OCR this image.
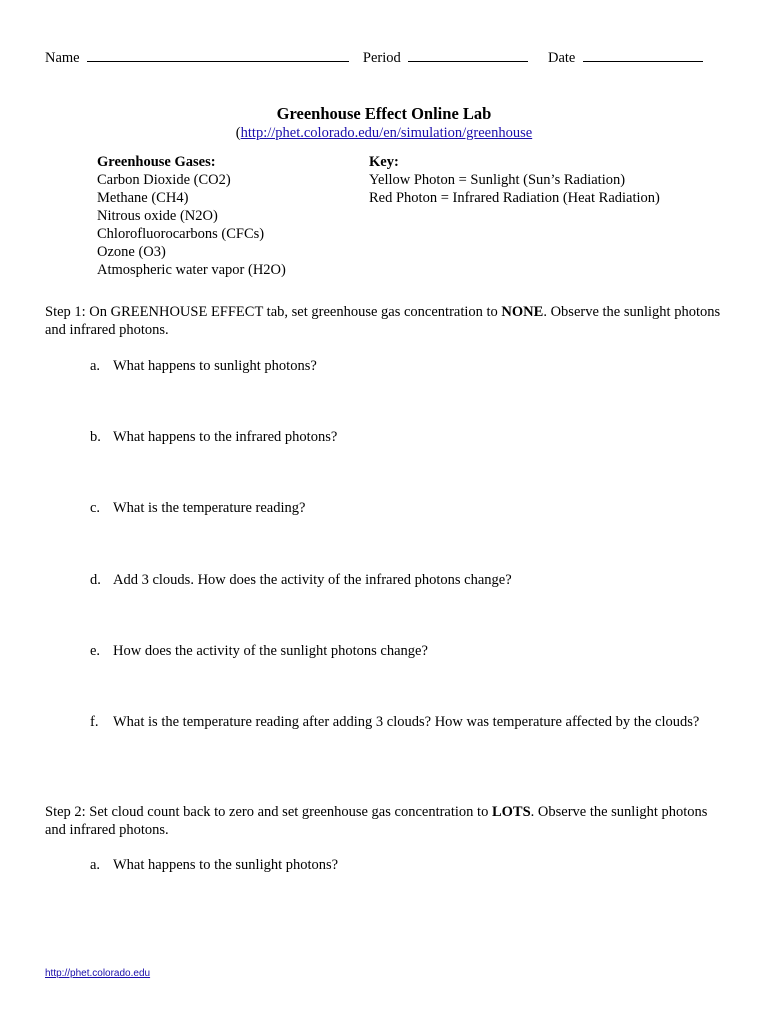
Name	Period	Date
Greenhouse Effect Online Lab
(http://phet.colorado.edu/en/simulation/greenhouse
Greenhouse Gases:
Carbon Dioxide (CO2)
Methane (CH4)
Nitrous oxide (N2O)
Chlorofluorocarbons (CFCs)
Ozone (O3)
Atmospheric water vapor (H2O)
Key:
Yellow Photon = Sunlight (Sun’s Radiation)
Red Photon = Infrared Radiation (Heat Radiation)
Step 1: On GREENHOUSE EFFECT tab, set greenhouse gas concentration to NONE. Observe the sunlight photons and infrared photons.
a. What happens to sunlight photons?
b. What happens to the infrared photons?
c. What is the temperature reading?
d. Add 3 clouds. How does the activity of the infrared photons change?
e. How does the activity of the sunlight photons change?
f. What is the temperature reading after adding 3 clouds? How was temperature affected by the clouds?
Step 2: Set cloud count back to zero and set greenhouse gas concentration to LOTS. Observe the sunlight photons and infrared photons.
a. What happens to the sunlight photons?
http://phet.colorado.edu
